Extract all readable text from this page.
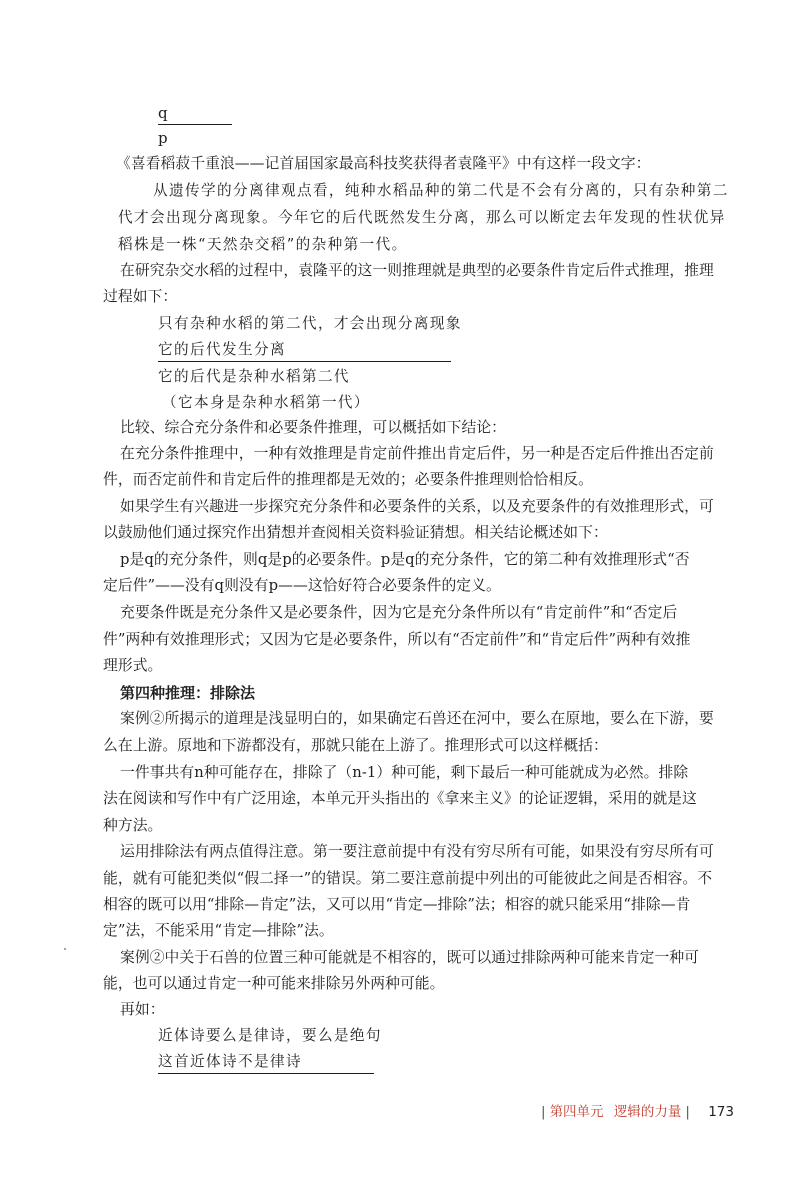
q
p
《喜看稻菽千重浪——记首届国家最高科技奖获得者袁隆平》中有这样一段文字：
从遗传学的分离律观点看，纯种水稻品种的第二代是不会有分离的，只有杂种第二
代才会出现分离现象。今年它的后代既然发生分离，那么可以断定去年发现的性状优异
稻株是一株“天然杂交稻”的杂种第一代。
在研究杂交水稻的过程中，袁隆平的这一则推理就是典型的必要条件肯定后件式推理，推理
过程如下：
只有杂种水稻的第二代，才会出现分离现象
它的后代发生分离
它的后代是杂种水稻第二代
（它本身是杂种水稻第一代）
比较、综合充分条件和必要条件推理，可以概括如下结论：
在充分条件推理中，一种有效推理是肯定前件推出肯定后件，另一种是否定后件推出否定前
件，而否定前件和肯定后件的推理都是无效的；必要条件推理则恰恰相反。
如果学生有兴趣进一步探究充分条件和必要条件的关系，以及充要条件的有效推理形式，可
以鼓励他们通过探究作出猜想并查阅相关资料验证猜想。相关结论概述如下：
p是q的充分条件，则q是p的必要条件。p是q的充分条件，它的第二种有效推理形式“否
定后件”——没有q则没有p——这恰好符合必要条件的定义。
充要条件既是充分条件又是必要条件，因为它是充分条件所以有“肯定前件”和“否定后
件”两种有效推理形式；又因为它是必要条件，所以有“否定前件”和“肯定后件”两种有效推
理形式。
第四种推理：排除法
案例②所揭示的道理是浅显明白的，如果确定石兽还在河中，要么在原地，要么在下游，要
么在上游。原地和下游都没有，那就只能在上游了。推理形式可以这样概括：
一件事共有n种可能存在，排除了（n-1）种可能，剩下最后一种可能就成为必然。排除
法在阅读和写作中有广泛用途，本单元开头指出的《拿来主义》的论证逻辑，采用的就是这
种方法。
运用排除法有两点值得注意。第一要注意前提中有没有穷尽所有可能，如果没有穷尽所有可
能，就有可能犯类似“假二择一”的错误。第二要注意前提中列出的可能彼此之间是否相容。不
相容的既可以用“排除—肯定”法，又可以用“肯定—排除”法；相容的就只能采用“排除—肯
定”法，不能采用“肯定—排除”法。
案例②中关于石兽的位置三种可能就是不相容的，既可以通过排除两种可能来肯定一种可
能，也可以通过肯定一种可能来排除另外两种可能。
再如：
近体诗要么是律诗，要么是绝句
这首近体诗不是律诗
| 第四单元 逻辑的力量 | 173
